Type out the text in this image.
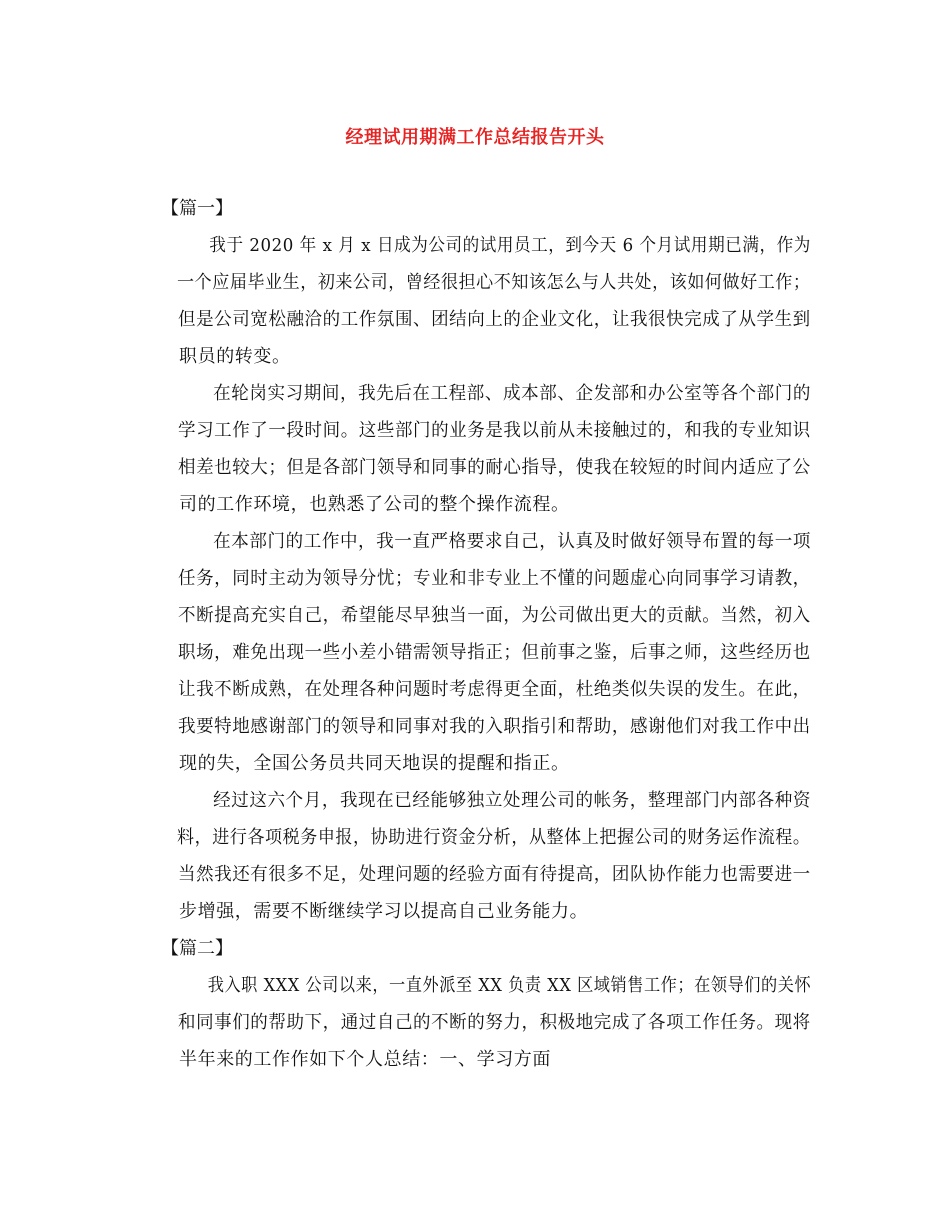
经理试用期满工作总结报告开头
【篇一】
我于 2020 年 x 月 x 日成为公司的试用员工，到今天 6 个月试用期已满，作为
一个应届毕业生，初来公司，曾经很担心不知该怎么与人共处，该如何做好工作；
但是公司宽松融洽的工作氛围、团结向上的企业文化，让我很快完成了从学生到
职员的转变。
在轮岗实习期间，我先后在工程部、成本部、企发部和办公室等各个部门的
学习工作了一段时间。这些部门的业务是我以前从未接触过的，和我的专业知识
相差也较大；但是各部门领导和同事的耐心指导，使我在较短的时间内适应了公
司的工作环境，也熟悉了公司的整个操作流程。
在本部门的工作中，我一直严格要求自己，认真及时做好领导布置的每一项
任务，同时主动为领导分忧；专业和非专业上不懂的问题虚心向同事学习请教，
不断提高充实自己，希望能尽早独当一面，为公司做出更大的贡献。当然，初入
职场，难免出现一些小差小错需领导指正；但前事之鉴，后事之师，这些经历也
让我不断成熟，在处理各种问题时考虑得更全面，杜绝类似失误的发生。在此，
我要特地感谢部门的领导和同事对我的入职指引和帮助，感谢他们对我工作中出
现的失，全国公务员共同天地误的提醒和指正。
经过这六个月，我现在已经能够独立处理公司的帐务，整理部门内部各种资
料，进行各项税务申报，协助进行资金分析，从整体上把握公司的财务运作流程。
当然我还有很多不足，处理问题的经验方面有待提高，团队协作能力也需要进一
步增强，需要不断继续学习以提高自己业务能力。
【篇二】
我入职 XXX 公司以来，一直外派至 XX 负责 XX 区域销售工作；在领导们的关怀
和同事们的帮助下，通过自己的不断的努力，积极地完成了各项工作任务。现将
半年来的工作作如下个人总结：一、学习方面
